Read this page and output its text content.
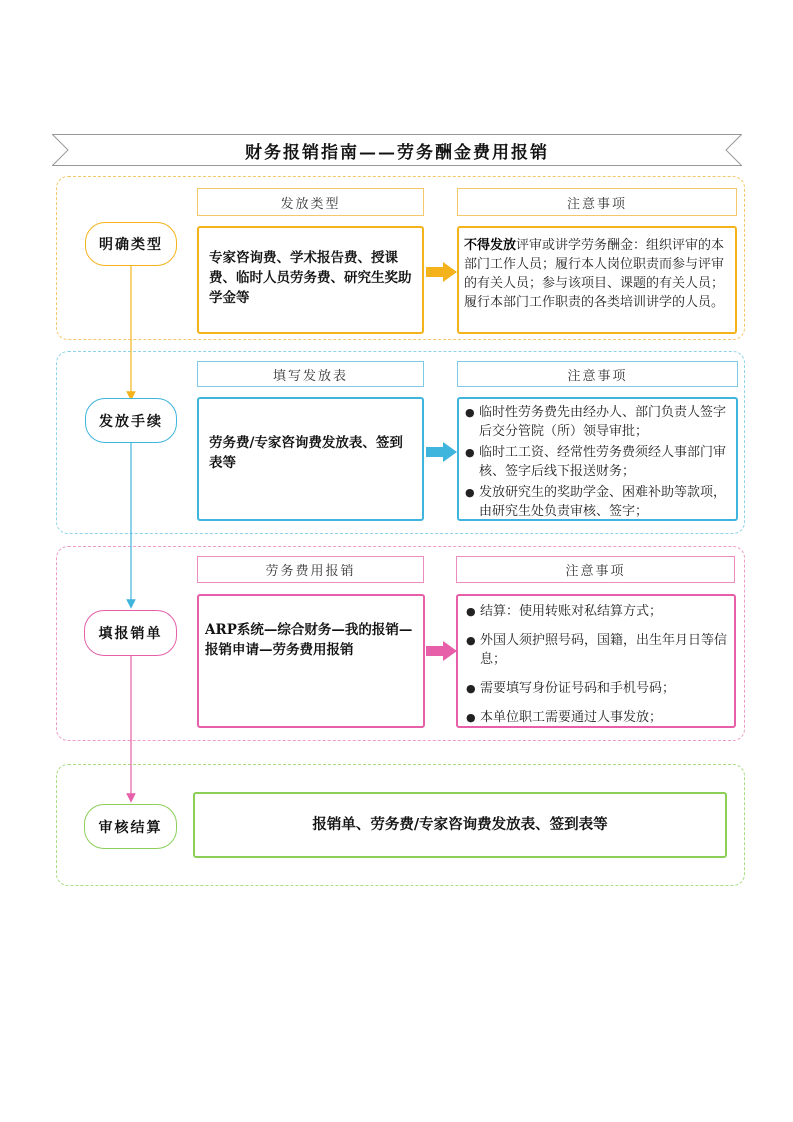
财务报销指南——劳务酬金费用报销
明确类型
发放手续
填报销单
审核结算
发放类型	注意事项
专家咨询费、学术报告费、授课费、临时人员劳务费、研究生奖助学金等
不得发放评审或讲学劳务酬金：组织评审的本部门工作人员；履行本人岗位职责而参与评审的有关人员；参与该项目、课题的有关人员；履行本部门工作职责的各类培训讲学的人员。
填写发放表	注意事项
劳务费/专家咨询费发放表、签到表等
● 临时性劳务费先由经办人、部门负责人签字后交分管院（所）领导审批；
● 临时工工资、经常性劳务费须经人事部门审核、签字后线下报送财务；
● 发放研究生的奖助学金、困难补助等款项，由研究生处负责审核、签字；
劳务费用报销	注意事项
ARP系统—综合财务—我的报销—报销申请—劳务费用报销
● 结算：使用转账对私结算方式；
● 外国人须护照号码，国籍，出生年月日等信息；
● 需要填写身份证号码和手机号码；
● 本单位职工需要通过人事发放；
报销单、劳务费/专家咨询费发放表、签到表等
